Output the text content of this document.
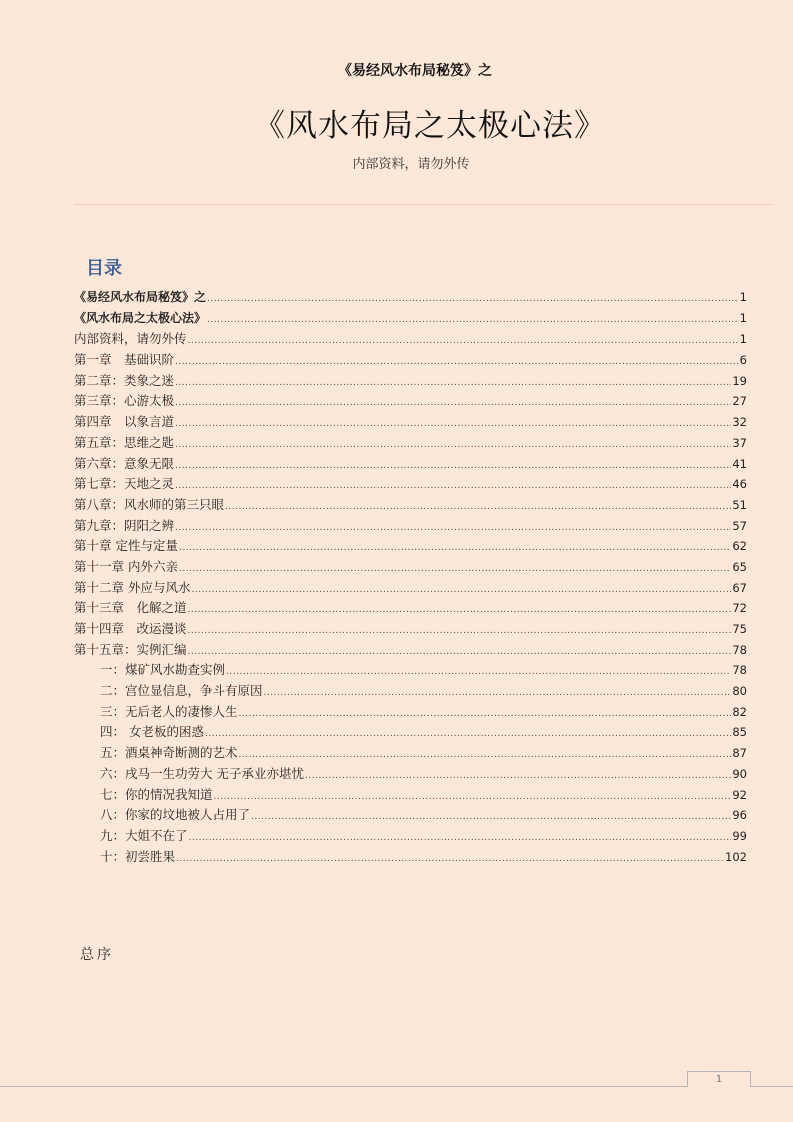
《易经风水布局秘笈》之
《风水布局之太极心法》
内部资料，请勿外传
目录
《易经风水布局秘笈》之 .....	1
《风水布局之太极心法》 .....	1
内部资料，请勿外传 .....	1
第一章　基础识阶 .....	6
第二章：类象之迷 .....	19
第三章：心游太极 .....	27
第四章　以象言道 .....	32
第五章：思维之匙 .....	37
第六章：意象无限 .....	41
第七章：天地之灵 .....	46
第八章：风水师的第三只眼 .....	51
第九章：阴阳之辨 .....	57
第十章 定性与定量 .....	62
第十一章 内外六亲 .....	65
第十二章 外应与风水 .....	67
第十三章　化解之道 .....	72
第十四章　改运漫谈 .....	75
第十五章：实例汇编 .....	78
一：煤矿风水勘查实例 .....	78
二：宫位显信息，争斗有原因 .....	80
三：无后老人的凄惨人生 .....	82
四： 女老板的困惑 .....	85
五：酒桌神奇断测的艺术 .....	87
六：戌马一生功劳大 无子承业亦堪忧 .....	90
七：你的情况我知道 .....	92
八：你家的坟地被人占用了 .....	96
九：大姐不在了 .....	99
十：初尝胜果 .....	102
总序
1
